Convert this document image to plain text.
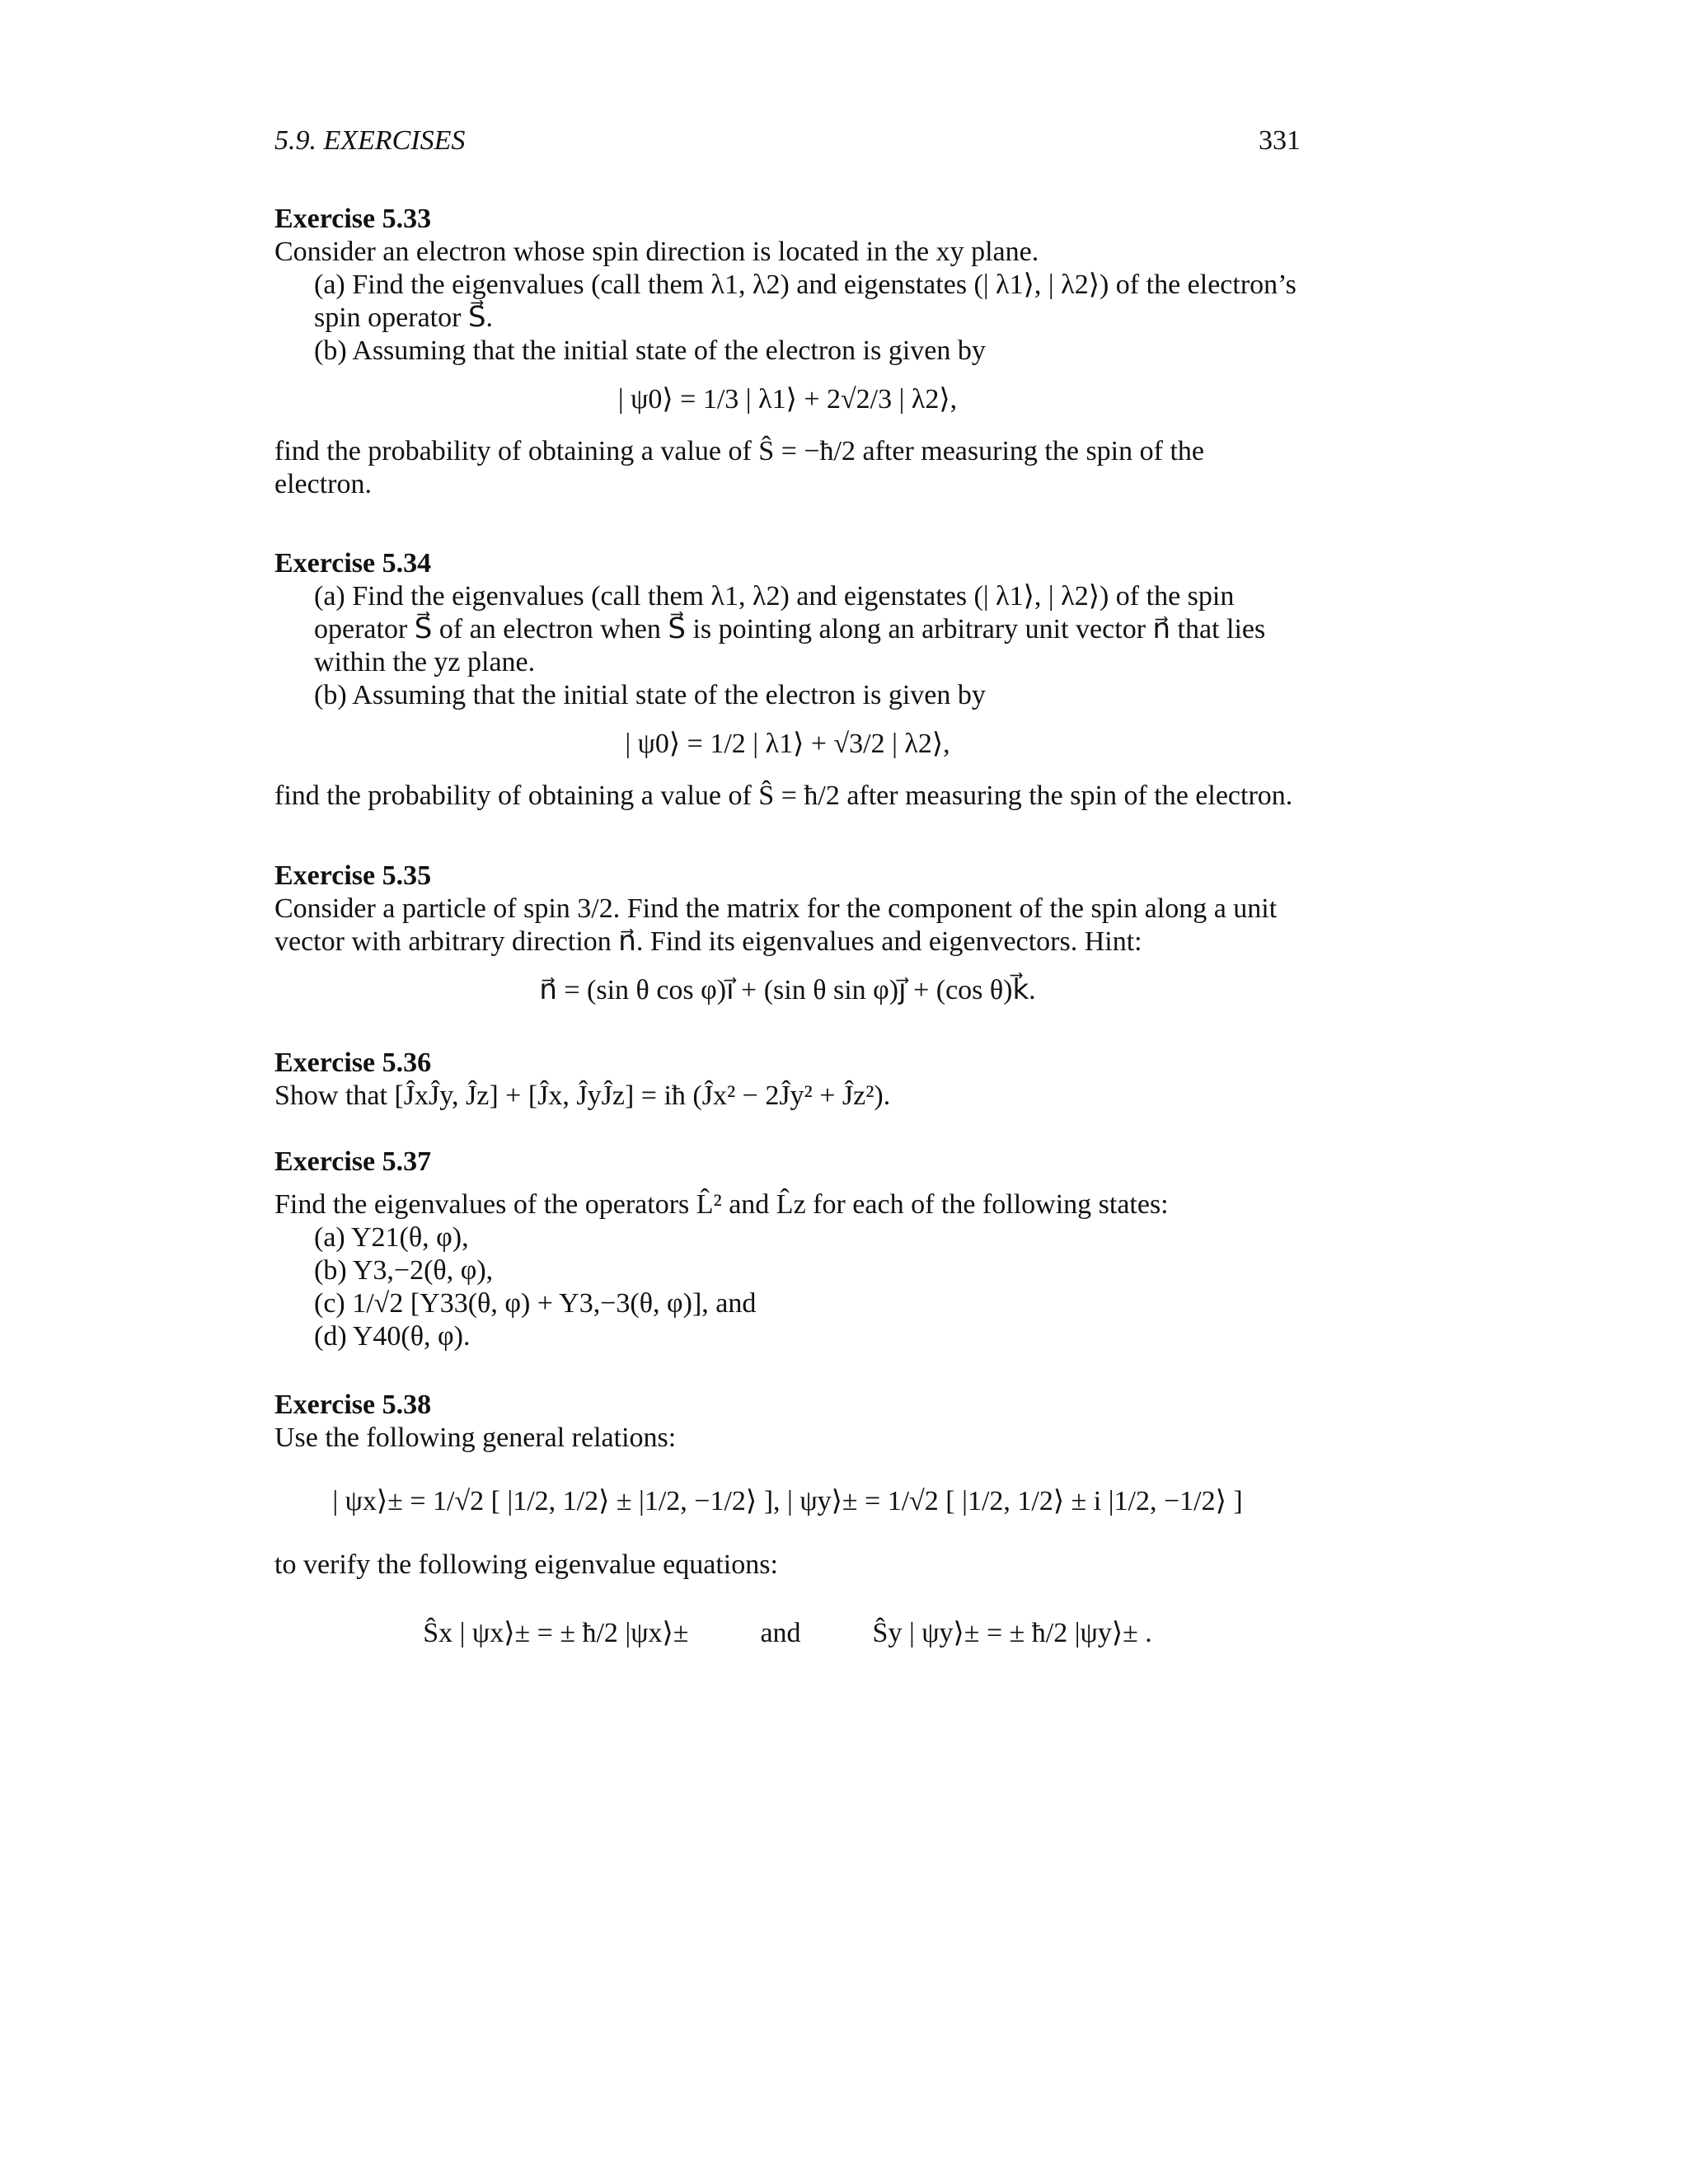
5.9. EXERCISES	331
Exercise 5.33
Consider an electron whose spin direction is located in the xy plane.
(a) Find the eigenvalues (call them λ1, λ2) and eigenstates (| λ1⟩, | λ2⟩) of the electron’s spin operator S⃗.
(b) Assuming that the initial state of the electron is given by
| ψ0⟩ = 1/3 | λ1⟩ + 2√2/3 | λ2⟩,
find the probability of obtaining a value of Ŝ = −ħ/2 after measuring the spin of the electron.
Exercise 5.34
(a) Find the eigenvalues (call them λ1, λ2) and eigenstates (| λ1⟩, | λ2⟩) of the spin operator S⃗ of an electron when S⃗ is pointing along an arbitrary unit vector n⃗ that lies within the yz plane.
(b) Assuming that the initial state of the electron is given by
| ψ0⟩ = 1/2 | λ1⟩ + √3/2 | λ2⟩,
find the probability of obtaining a value of Ŝ = ħ/2 after measuring the spin of the electron.
Exercise 5.35
Consider a particle of spin 3/2. Find the matrix for the component of the spin along a unit vector with arbitrary direction n⃗. Find its eigenvalues and eigenvectors. Hint:
n⃗ = (sin θ cos φ)i⃗ + (sin θ sin φ)j⃗ + (cos θ)k⃗.
Exercise 5.36
Show that [ĴxĴy, Ĵz] + [Ĵx, ĴyĴz] = iħ (Ĵx² − 2Ĵy² + Ĵz²).
Exercise 5.37
Find the eigenvalues of the operators L̂² and L̂z for each of the following states:
(a) Y21(θ, φ),
(b) Y3,−2(θ, φ),
(c) 1/√2 [Y33(θ, φ) + Y3,−3(θ, φ)], and
(d) Y40(θ, φ).
Exercise 5.38
Use the following general relations:
| ψx⟩± = 1/√2 [ |1/2, 1/2⟩ ± |1/2, −1/2⟩ ], | ψy⟩± = 1/√2 [ |1/2, 1/2⟩ ± i |1/2, −1/2⟩ ]
to verify the following eigenvalue equations:
Ŝx | ψx⟩± = ± ħ/2 |ψx⟩±	and	Ŝy | ψy⟩± = ± ħ/2 |ψy⟩± .
